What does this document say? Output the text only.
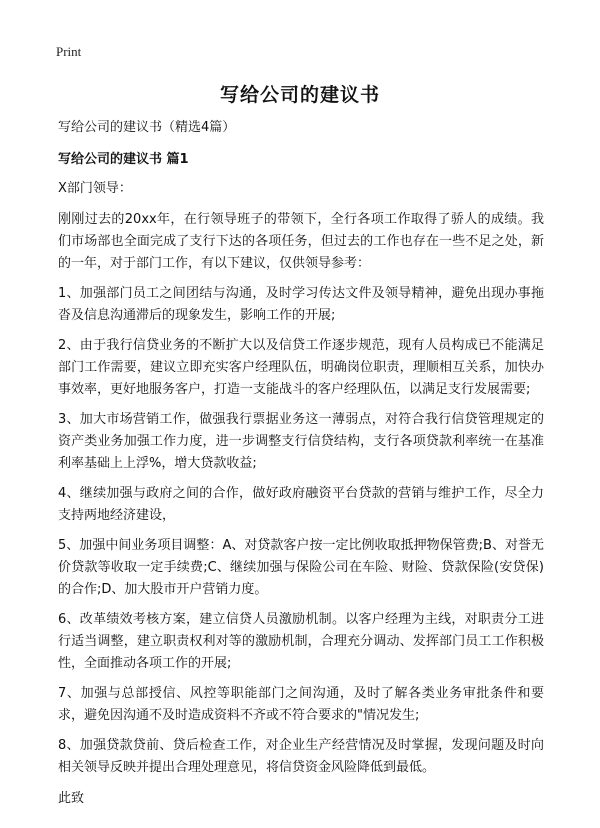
Print
写给公司的建议书

写给公司的建议书（精选4篇）

写给公司的建议书 篇1

X部门领导：

刚刚过去的20xx年，在行领导班子的带领下，全行各项工作取得了骄人的成绩。我们市场部也全面完成了支行下达的各项任务，但过去的工作也存在一些不足之处，新的一年，对于部门工作，有以下建议，仅供领导参考：

1、加强部门员工之间团结与沟通，及时学习传达文件及领导精神，避免出现办事拖沓及信息沟通滞后的现象发生，影响工作的开展;

2、由于我行信贷业务的不断扩大以及信贷工作逐步规范，现有人员构成已不能满足部门工作需要，建议立即充实客户经理队伍，明确岗位职责，理顺相互关系，加快办事效率，更好地服务客户，打造一支能战斗的客户经理队伍，以满足支行发展需要;

3、加大市场营销工作，做强我行票据业务这一薄弱点，对符合我行信贷管理规定的资产类业务加强工作力度，进一步调整支行信贷结构，支行各项贷款利率统一在基准利率基础上上浮%，增大贷款收益;

4、继续加强与政府之间的合作，做好政府融资平台贷款的营销与维护工作，尽全力支持两地经济建设，

5、加强中间业务项目调整：A、对贷款客户按一定比例收取抵押物保管费;B、对誉无价贷款等收取一定手续费;C、继续加强与保险公司在车险、财险、贷款保险(安贷保)的合作;D、加大股市开户营销力度。

6、改革绩效考核方案，建立信贷人员激励机制。以客户经理为主线，对职责分工进行适当调整，建立职责权利对等的激励机制，合理充分调动、发挥部门员工工作积极性，全面推动各项工作的开展;

7、加强与总部授信、风控等职能部门之间沟通，及时了解各类业务审批条件和要求，避免因沟通不及时造成资料不齐或不符合要求的"情况发生;

8、加强贷款贷前、贷后检查工作，对企业生产经营情况及时掌握，发现问题及时向相关领导反映并提出合理处理意见，将信贷资金风险降低到最低。

此致
